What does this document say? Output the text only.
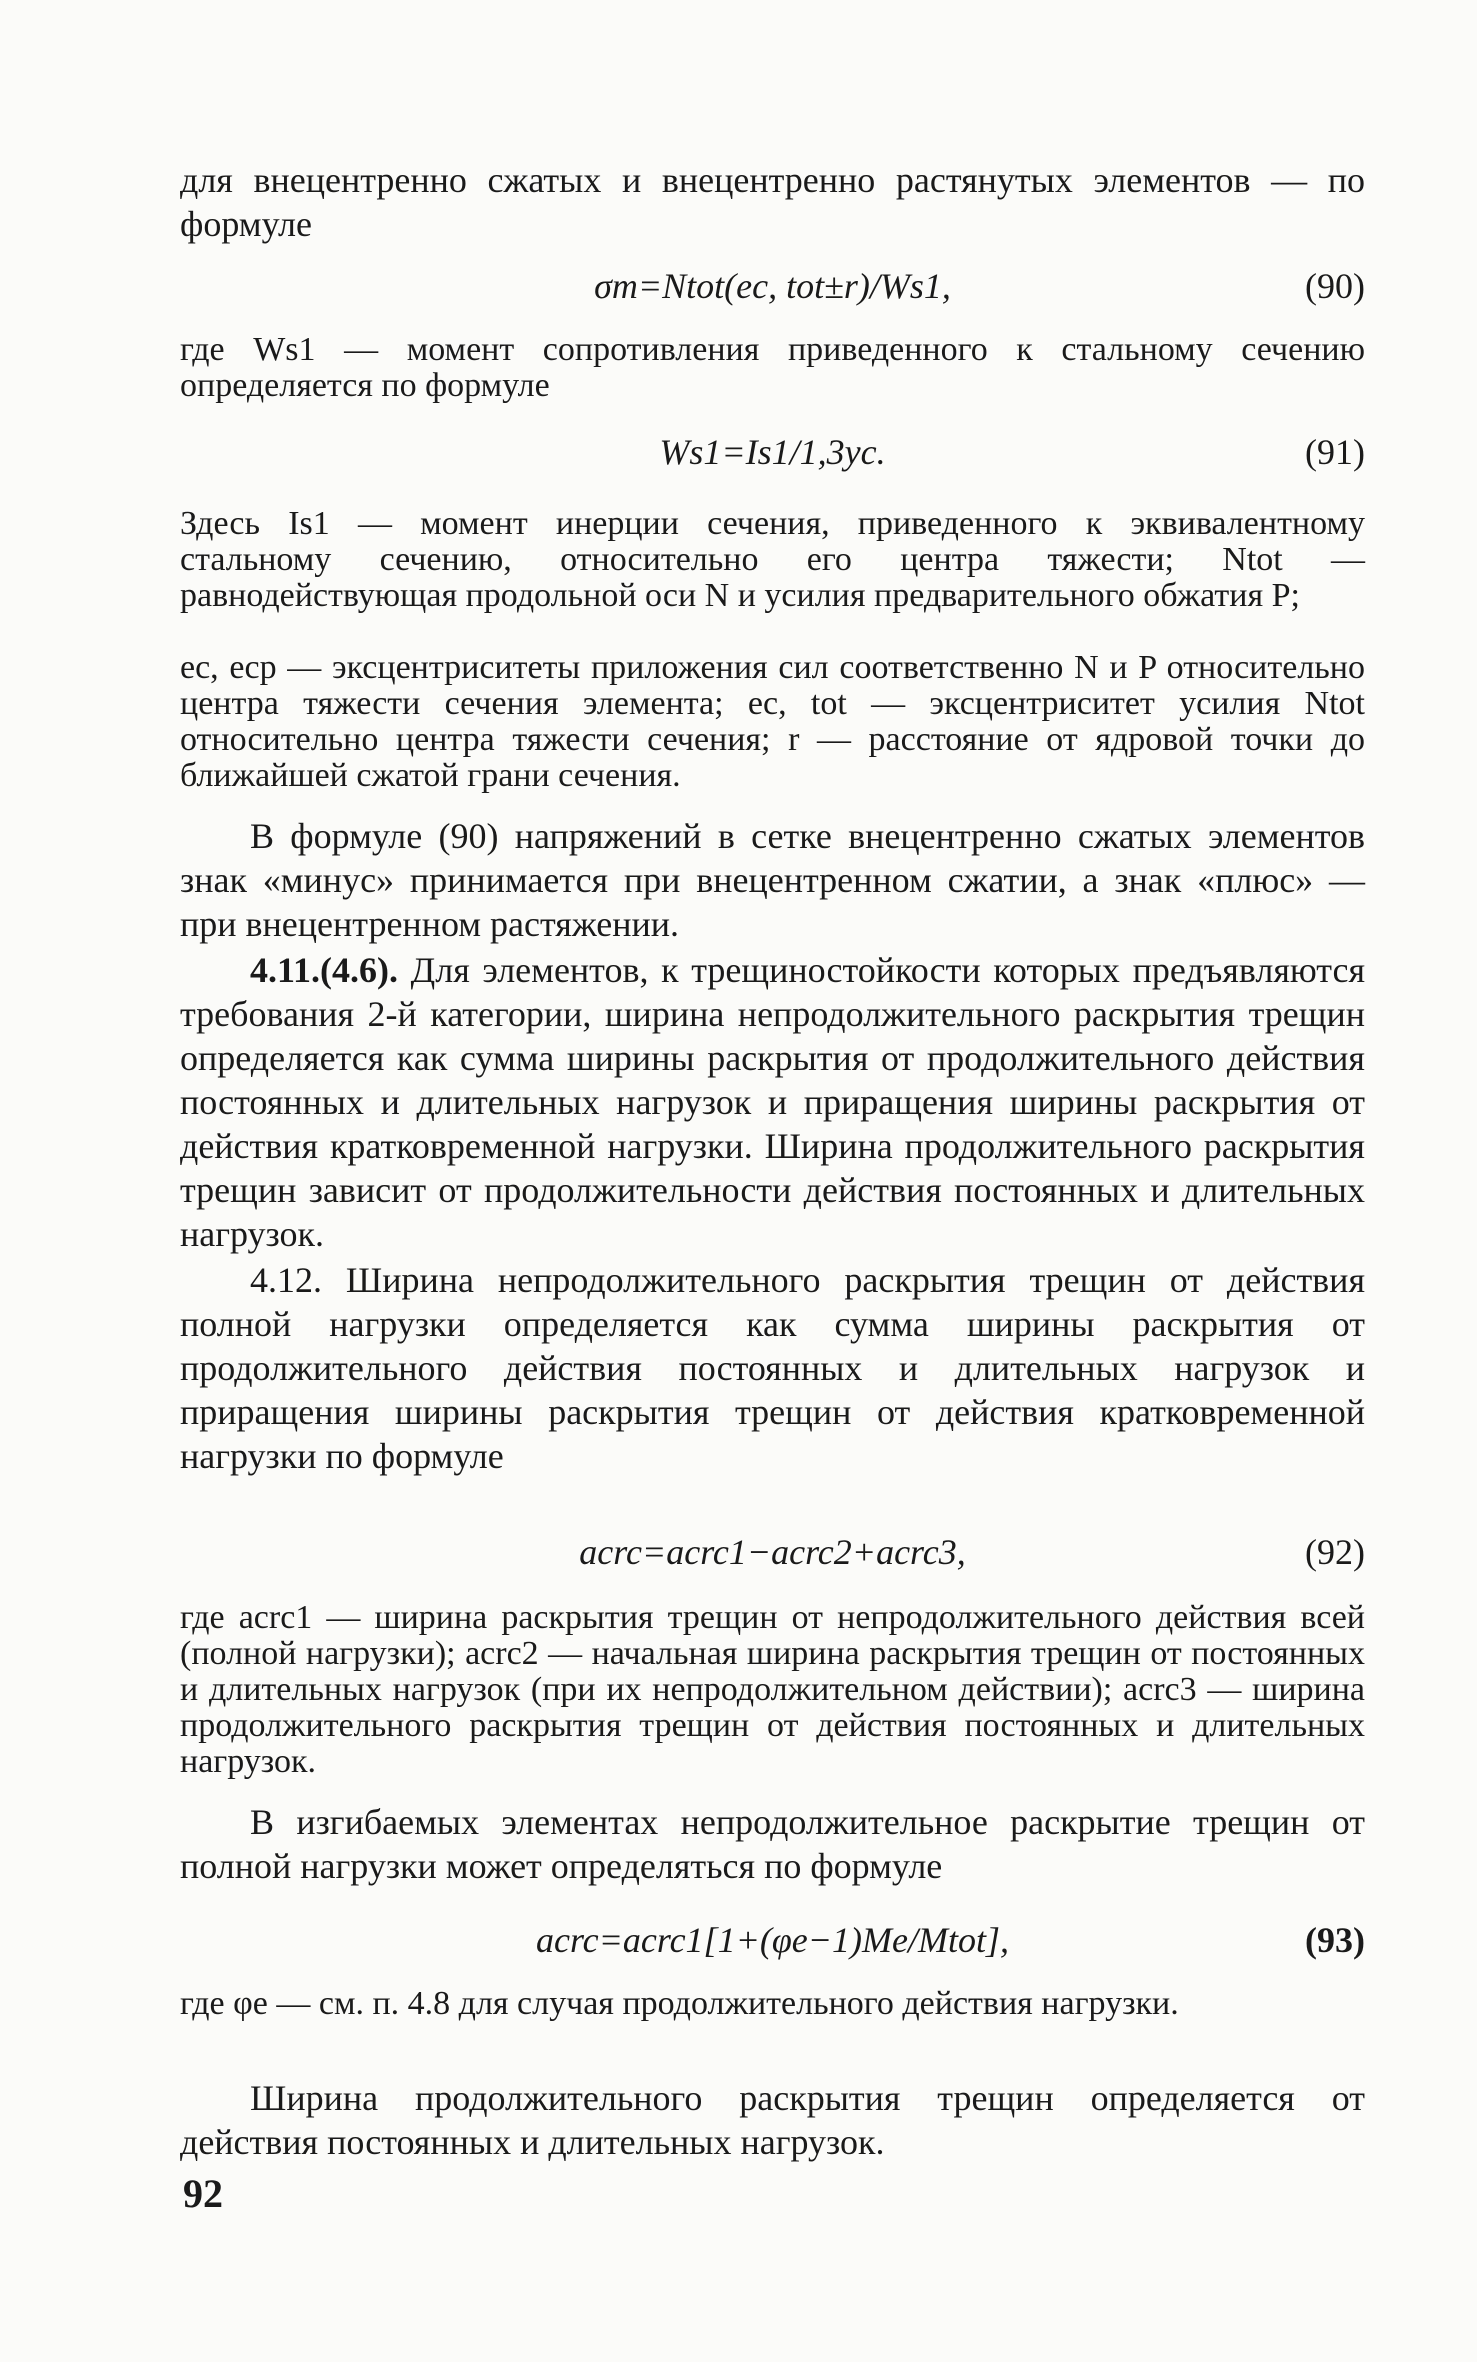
для внецентренно сжатых и внецентренно растянутых элементов — по формуле
σm=Ntot(ec, tot±r)/Ws1,	(90)
где Ws1 — момент сопротивления приведенного к стальному сечению определяется по формуле
Ws1=Is1/1,3yc.	(91)
Здесь Is1 — момент инерции сечения, приведенного к эквивалентному стальному сечению, относительно его центра тяжести; Ntot — равнодействующая продольной оси N и усилия предварительного обжатия P;
ec, ecp — эксцентриситеты приложения сил соответственно N и P относительно центра тяжести сечения элемента; ec, tot — эксцентриситет усилия Ntot относительно центра тяжести сечения; r — расстояние от ядровой точки до ближайшей сжатой грани сечения.
В формуле (90) напряжений в сетке внецентренно сжатых элементов знак «минус» принимается при внецентренном сжатии, а знак «плюс» — при внецентренном растяжении.
4.11.(4.6). Для элементов, к трещиностойкости которых предъявляются требования 2-й категории, ширина непродолжительного раскрытия трещин определяется как сумма ширины раскрытия от продолжительного действия постоянных и длительных нагрузок и приращения ширины раскрытия от действия кратковременной нагрузки. Ширина продолжительного раскрытия трещин зависит от продолжительности действия постоянных и длительных нагрузок.
4.12. Ширина непродолжительного раскрытия трещин от действия полной нагрузки определяется как сумма ширины раскрытия от продолжительного действия постоянных и длительных нагрузок и приращения ширины раскрытия трещин от действия кратковременной нагрузки по формуле
acrc=acrc1−acrc2+acrc3,	(92)
где acrc1 — ширина раскрытия трещин от непродолжительного действия всей (полной нагрузки); acrc2 — начальная ширина раскрытия трещин от постоянных и длительных нагрузок (при их непродолжительном действии); acrc3 — ширина продолжительного раскрытия трещин от действия постоянных и длительных нагрузок.
В изгибаемых элементах непродолжительное раскрытие трещин от полной нагрузки может определяться по формуле
acrc=acrc1[1+(φe−1)Me/Mtot],	(93)
где φe — см. п. 4.8 для случая продолжительного действия нагрузки.
Ширина продолжительного раскрытия трещин определяется от действия постоянных и длительных нагрузок.
92
